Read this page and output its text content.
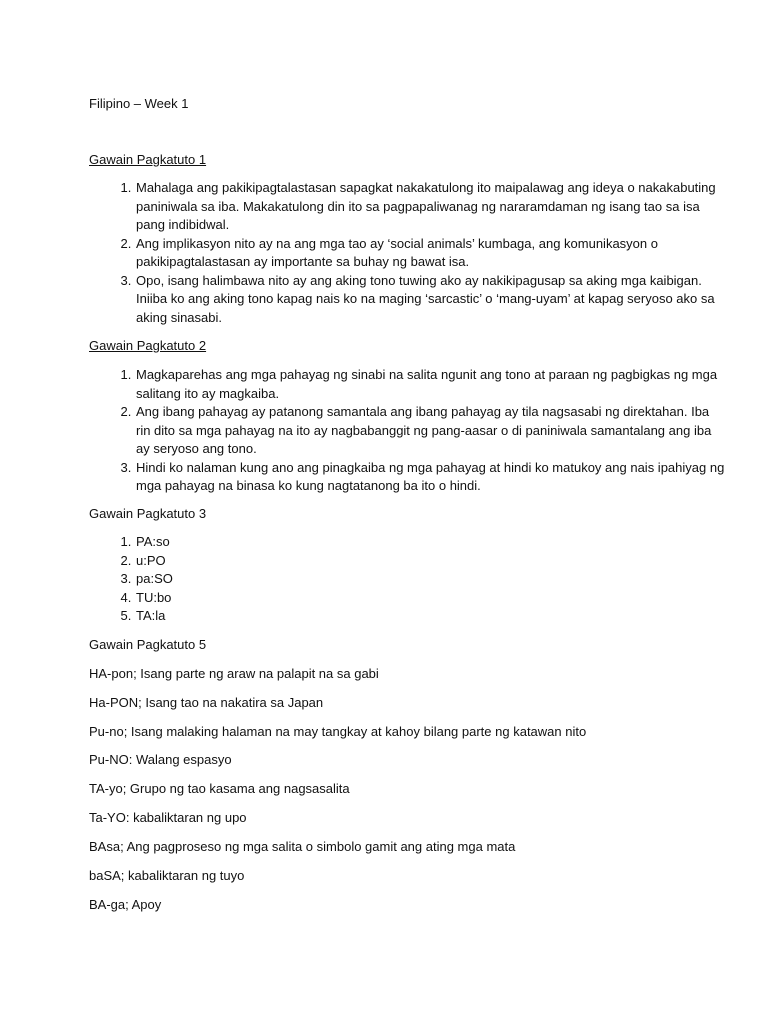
Filipino – Week 1
Gawain Pagkatuto 1
1. Mahalaga ang pakikipagtalastasan sapagkat nakakatulong ito maipalawag ang ideya o nakakabuting paniniwala sa iba. Makakatulong din ito sa pagpapaliwanag ng nararamdaman ng isang tao sa isa pang indibidwal.
2. Ang implikasyon nito ay na ang mga tao ay ‘social animals’ kumbaga, ang komunikasyon o pakikipagtalastasan ay importante sa buhay ng bawat isa.
3. Opo, isang halimbawa nito ay ang aking tono tuwing ako ay nakikipagusap sa aking mga kaibigan. Iniiba ko ang aking tono kapag nais ko na maging ‘sarcastic’ o ‘mang-uyam’ at kapag seryoso ako sa aking sinasabi.
Gawain Pagkatuto 2
1. Magkaparehas ang mga pahayag ng sinabi na salita ngunit ang tono at paraan ng pagbigkas ng mga salitang ito ay magkaiba.
2. Ang ibang pahayag ay patanong samantala ang ibang pahayag ay tila nagsasabi ng direktahan. Iba rin dito sa mga pahayag na ito ay nagbabanggit ng pang-aasar o di paniniwala samantalang ang iba ay seryoso ang tono.
3. Hindi ko nalaman kung ano ang pinagkaiba ng mga pahayag at hindi ko matukoy ang nais ipahiyag ng mga pahayag na binasa ko kung nagtatanong ba ito o hindi.
Gawain Pagkatuto 3
1. PA:so
2. u:PO
3. pa:SO
4. TU:bo
5. TA:la
Gawain Pagkatuto 5

HA-pon; Isang parte ng araw na palapit na sa gabi

Ha-PON; Isang tao na nakatira sa Japan

Pu-no; Isang malaking halaman na may tangkay at kahoy bilang parte ng katawan nito

Pu-NO: Walang espasyo

TA-yo; Grupo ng tao kasama ang nagsasalita

Ta-YO: kabaliktaran ng upo

BAsa; Ang pagproseso ng mga salita o simbolo gamit ang ating mga mata

baSA; kabaliktaran ng tuyo

BA-ga; Apoy
